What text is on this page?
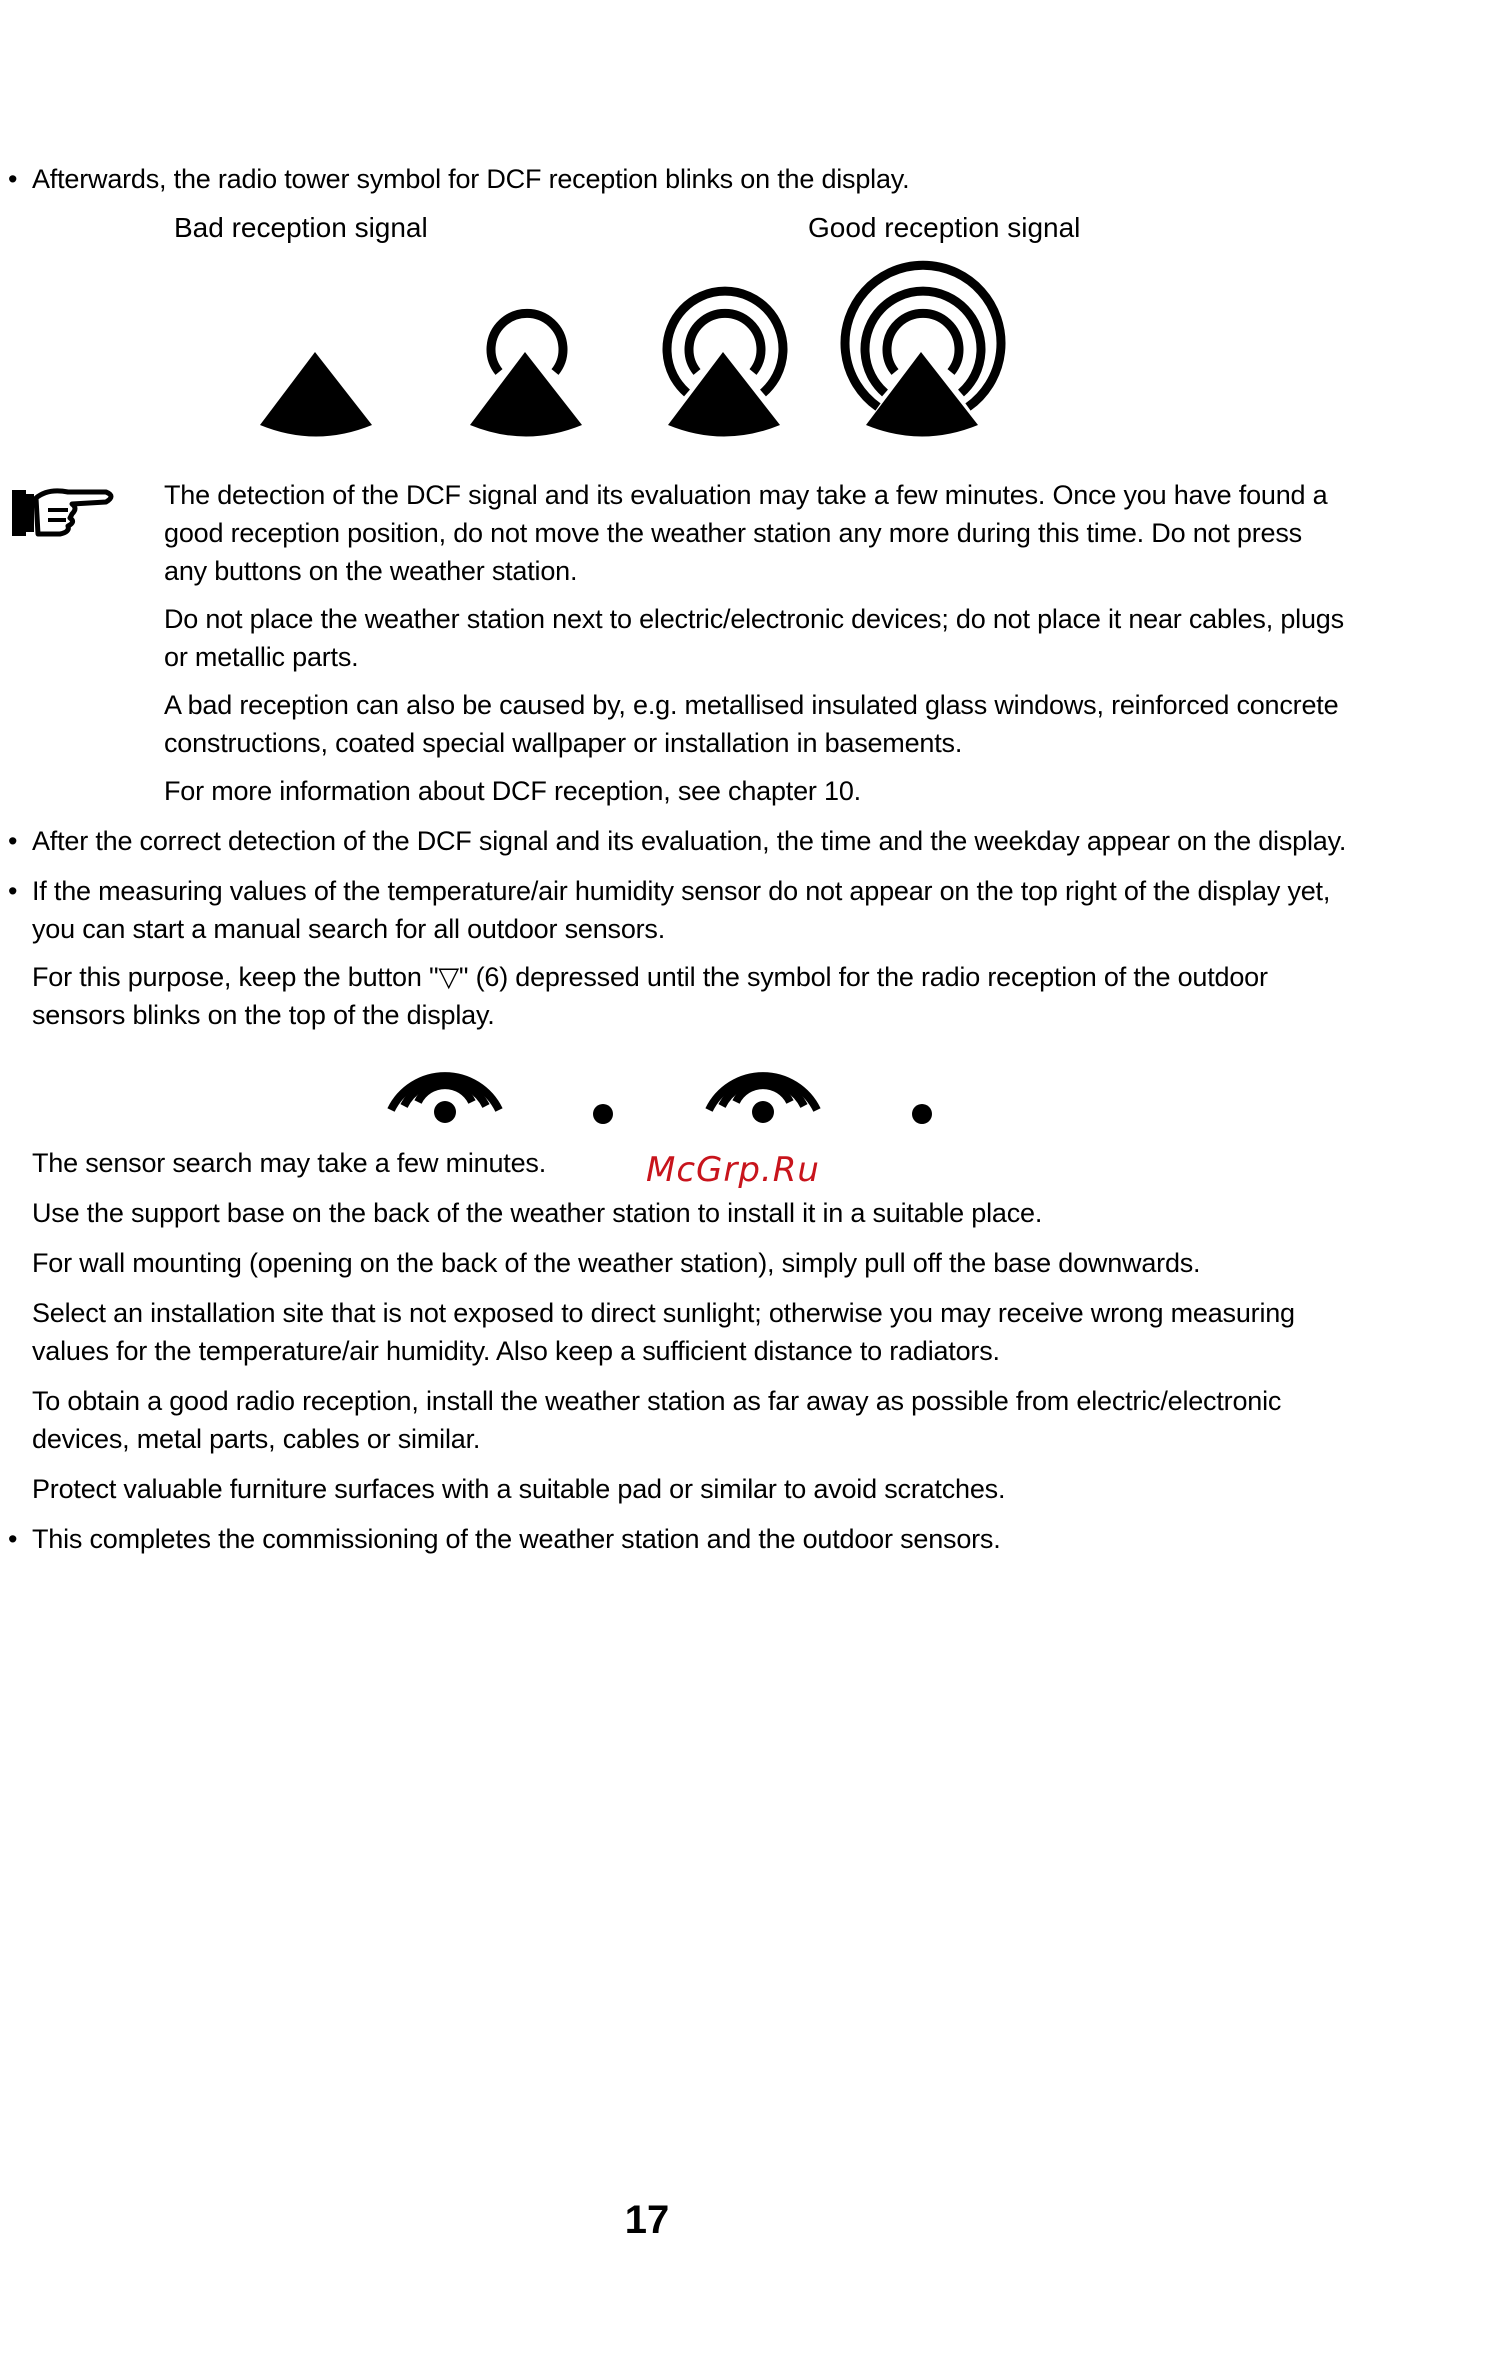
• Afterwards, the radio tower symbol for DCF reception blinks on the display.

Bad reception signal	Good reception signal

The detection of the DCF signal and its evaluation may take a few minutes. Once you have found a good reception position, do not move the weather station any more during this time. Do not press any buttons on the weather station.

Do not place the weather station next to electric/electronic devices; do not place it near cables, plugs or metallic parts.

A bad reception can also be caused by, e.g. metallised insulated glass windows, reinforced concrete constructions, coated special wallpaper or installation in basements.

For more information about DCF reception, see chapter 10.

• After the correct detection of the DCF signal and its evaluation, the time and the weekday appear on the display.

• If the measuring values of the temperature/air humidity sensor do not appear on the top right of the display yet, you can start a manual search for all outdoor sensors.

For this purpose, keep the button "▽" (6) depressed until the symbol for the radio reception of the outdoor sensors blinks on the top of the display.

The sensor search may take a few minutes.	McGrp.Ru

Use the support base on the back of the weather station to install it in a suitable place.

For wall mounting (opening on the back of the weather station), simply pull off the base downwards.

Select an installation site that is not exposed to direct sunlight; otherwise you may receive wrong measuring values for the temperature/air humidity. Also keep a sufficient distance to radiators.

To obtain a good radio reception, install the weather station as far away as possible from electric/electronic devices, metal parts, cables or similar.

Protect valuable furniture surfaces with a suitable pad or similar to avoid scratches.

• This completes the commissioning of the weather station and the outdoor sensors.

17
